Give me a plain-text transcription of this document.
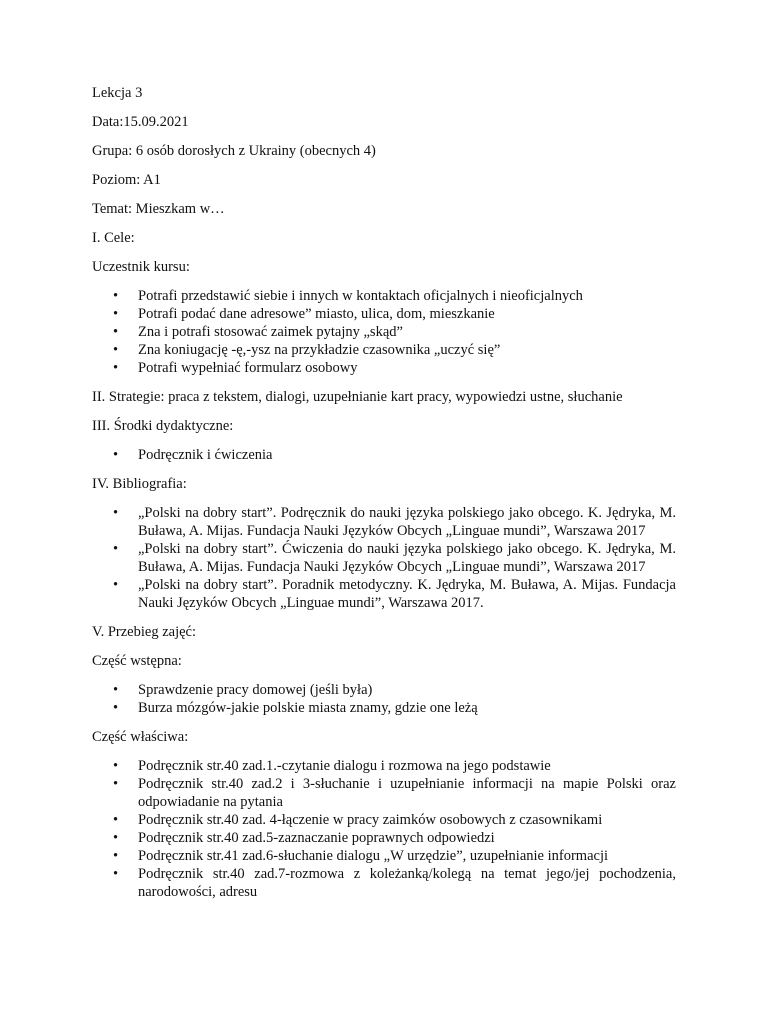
Lekcja 3

Data:15.09.2021

Grupa: 6 osób dorosłych z Ukrainy (obecnych 4)

Poziom: A1

Temat: Mieszkam w…

I. Cele:

Uczestnik kursu:

• Potrafi przedstawić siebie i innych w kontaktach oficjalnych i nieoficjalnych
• Potrafi podać dane adresowe” miasto, ulica, dom, mieszkanie
• Zna i potrafi stosować zaimek pytajny „skąd”
• Zna koniugację -ę,-ysz na przykładzie czasownika „uczyć się”
• Potrafi wypełniać formularz osobowy

II. Strategie: praca z tekstem, dialogi, uzupełnianie kart pracy, wypowiedzi ustne, słuchanie

III. Środki dydaktyczne:

• Podręcznik i ćwiczenia

IV. Bibliografia:

• „Polski na dobry start”. Podręcznik do nauki języka polskiego jako obcego. K. Jędryka, M. Buława, A. Mijas. Fundacja Nauki Języków Obcych „Linguae mundi”, Warszawa 2017
• „Polski na dobry start”. Ćwiczenia do nauki języka polskiego jako obcego. K. Jędryka, M. Buława, A. Mijas. Fundacja Nauki Języków Obcych „Linguae mundi”, Warszawa 2017
• „Polski na dobry start”. Poradnik metodyczny. K. Jędryka, M. Buława, A. Mijas. Fundacja Nauki Języków Obcych „Linguae mundi”, Warszawa 2017.

V. Przebieg zajęć:

Część wstępna:

• Sprawdzenie pracy domowej (jeśli była)
• Burza mózgów-jakie polskie miasta znamy, gdzie one leżą

Część właściwa:

• Podręcznik str.40 zad.1.-czytanie dialogu i rozmowa na jego podstawie
• Podręcznik str.40 zad.2 i 3-słuchanie i uzupełnianie informacji na mapie Polski oraz odpowiadanie na pytania
• Podręcznik str.40 zad. 4-łączenie w pracy zaimków osobowych z czasownikami
• Podręcznik str.40 zad.5-zaznaczanie poprawnych odpowiedzi
• Podręcznik str.41 zad.6-słuchanie dialogu „W urzędzie”, uzupełnianie informacji
• Podręcznik str.40 zad.7-rozmowa z koleżanką/kolegą na temat jego/jej pochodzenia, narodowości, adresu
